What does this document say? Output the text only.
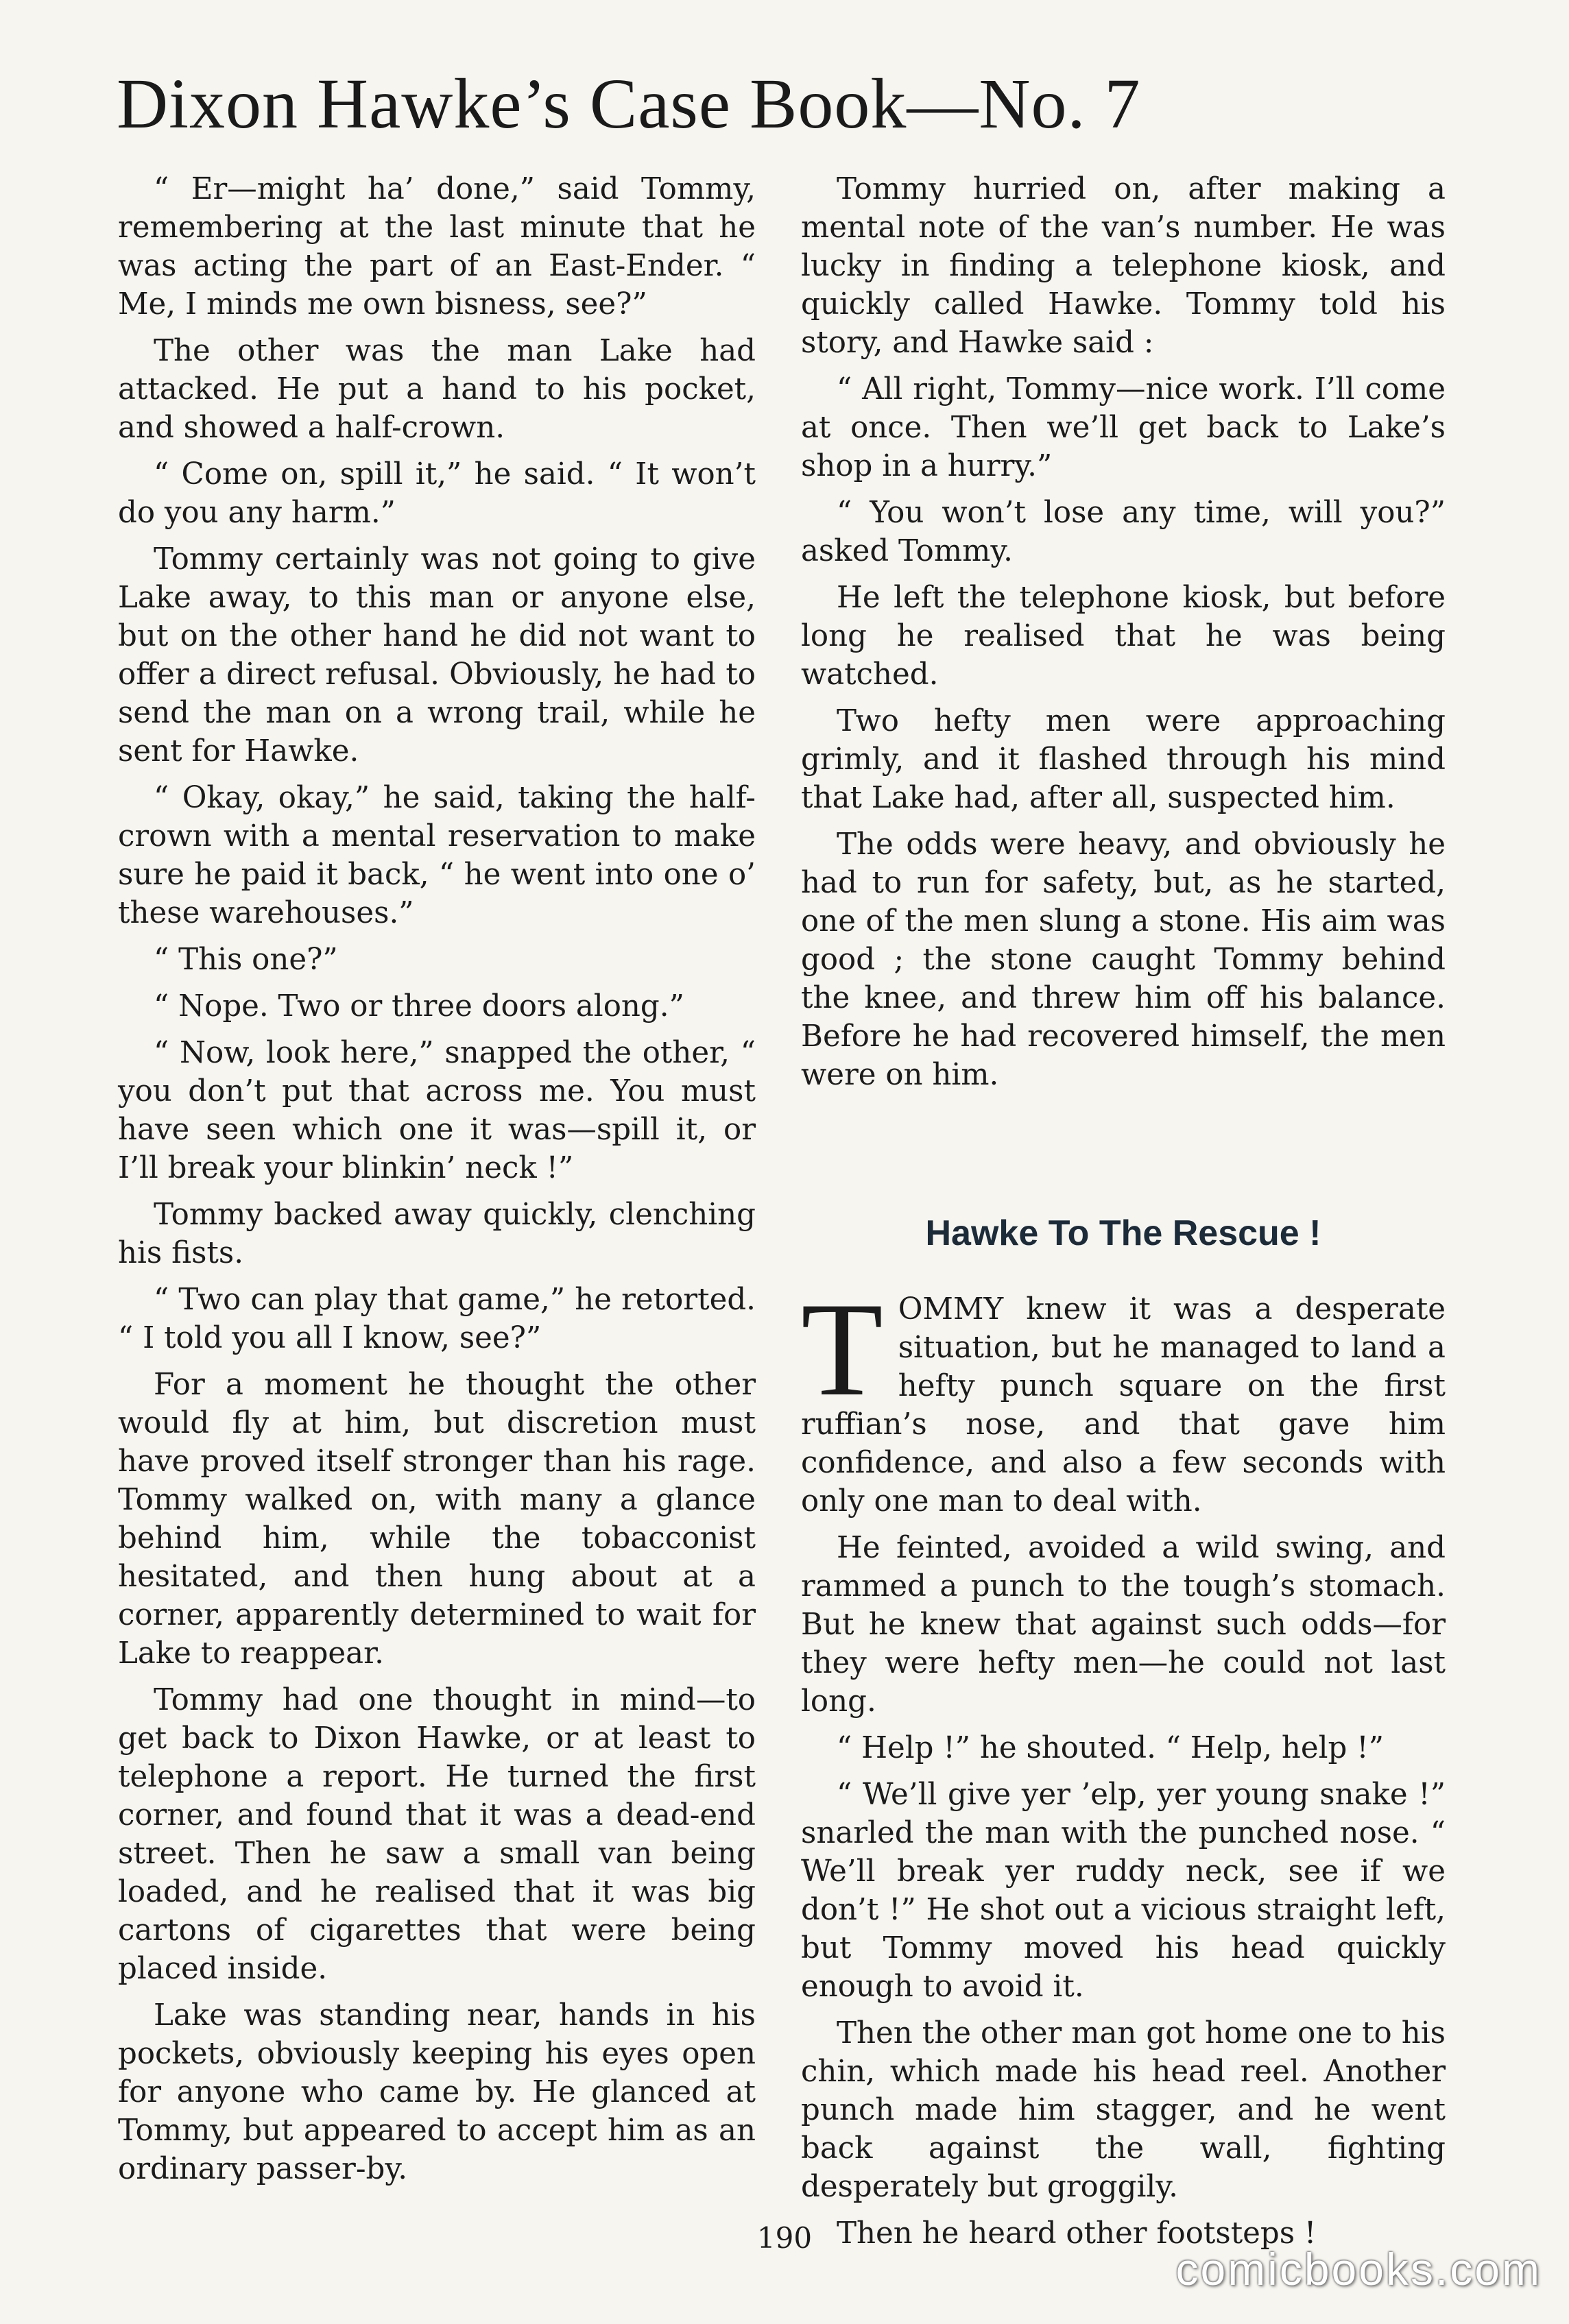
Dixon Hawke’s Case Book—No. 7

“ Er—might ha’ done,” said Tommy, remembering at the last minute that he was acting the part of an East-Ender. “ Me, I minds me own bisness, see?”

The other was the man Lake had attacked. He put a hand to his pocket, and showed a half-crown.

“ Come on, spill it,” he said. “ It won’t do you any harm.”

Tommy certainly was not going to give Lake away, to this man or anyone else, but on the other hand he did not want to offer a direct refusal. Obviously, he had to send the man on a wrong trail, while he sent for Hawke.

“ Okay, okay,” he said, taking the half-crown with a mental reservation to make sure he paid it back, “ he went into one o’ these warehouses.”

“ This one?”

“ Nope. Two or three doors along.”

“ Now, look here,” snapped the other, “ you don’t put that across me. You must have seen which one it was—spill it, or I’ll break your blinkin’ neck !”

Tommy backed away quickly, clenching his fists.

“ Two can play that game,” he retorted. “ I told you all I know, see?”

For a moment he thought the other would fly at him, but discretion must have proved itself stronger than his rage. Tommy walked on, with many a glance behind him, while the tobacconist hesitated, and then hung about at a corner, apparently determined to wait for Lake to reappear.

Tommy had one thought in mind—to get back to Dixon Hawke, or at least to telephone a report. He turned the first corner, and found that it was a dead-end street. Then he saw a small van being loaded, and he realised that it was big cartons of cigarettes that were being placed inside.

Lake was standing near, hands in his pockets, obviously keeping his eyes open for anyone who came by. He glanced at Tommy, but appeared to accept him as an ordinary passer-by.

Tommy hurried on, after making a mental note of the van’s number. He was lucky in finding a telephone kiosk, and quickly called Hawke. Tommy told his story, and Hawke said :

“ All right, Tommy—nice work. I’ll come at once. Then we’ll get back to Lake’s shop in a hurry.”

“ You won’t lose any time, will you?” asked Tommy.

He left the telephone kiosk, but before long he realised that he was being watched.

Two hefty men were approaching grimly, and it flashed through his mind that Lake had, after all, suspected him.

The odds were heavy, and obviously he had to run for safety, but, as he started, one of the men slung a stone. His aim was good ; the stone caught Tommy behind the knee, and threw him off his balance. Before he had recovered himself, the men were on him.

Hawke To The Rescue !

TOMMY knew it was a desperate situation, but he managed to land a hefty punch square on the first ruffian’s nose, and that gave him confidence, and also a few seconds with only one man to deal with.

He feinted, avoided a wild swing, and rammed a punch to the tough’s stomach. But he knew that against such odds—for they were hefty men—he could not last long.

“ Help !” he shouted. “ Help, help !”

“ We’ll give yer ’elp, yer young snake !” snarled the man with the punched nose. “ We’ll break yer ruddy neck, see if we don’t !” He shot out a vicious straight left, but Tommy moved his head quickly enough to avoid it.

Then the other man got home one to his chin, which made his head reel. Another punch made him stagger, and he went back against the wall, fighting desperately but groggily.

Then he heard other footsteps !

190
comicbooks.com
